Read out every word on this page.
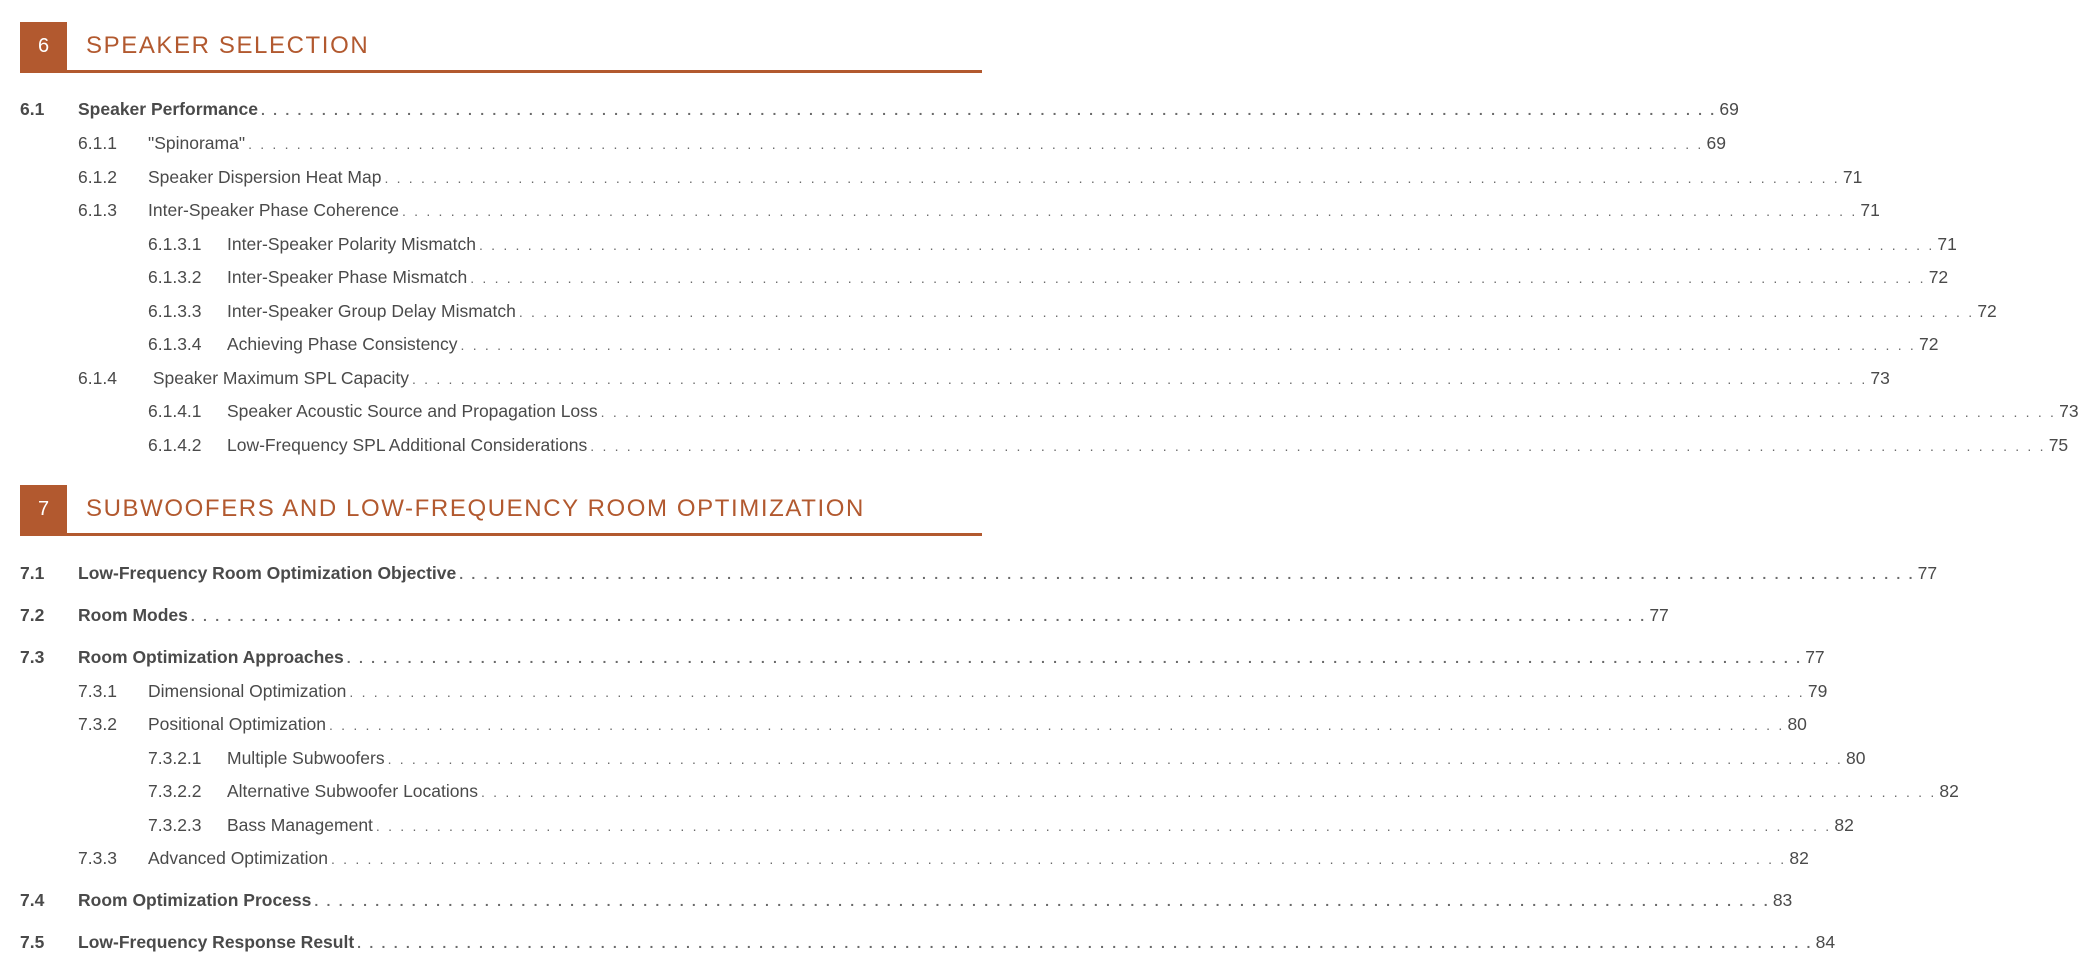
6	SPEAKER SELECTION
7	SUBWOOFERS AND LOW-FREQUENCY ROOM OPTIMIZATION
6.1	Speaker Performance . . . . . . . . . . . . . . . . . . . . . . . . . . . . . . . . . . . . . . . . . . . . . . . . . . . . . . . . . . . . . . . . . . . . . . . . . . . . . . . . . . . . . . . . . . . . . . . . . . . . . . . . . . . . . . . . . . . . . . . . 69
6.1.1	"Spinorama" . . . . . . . . . . . . . . . . . . . . . . . . . . . . . . . . . . . . . . . . . . . . . . . . . . . . . . . . . . . . . . . . . . . . . . . . . . . . . . . . . . . . . . . . . . . . . . . . . . . . . . . . . . . . . . . . . . . . . . . . 69
6.1.2	Speaker Dispersion Heat Map . . . . . . . . . . . . . . . . . . . . . . . . . . . . . . . . . . . . . . . . . . . . . . . . . . . . . . . . . . . . . . . . . . . . . . . . . . . . . . . . . . . . . . . . . . . . . . . . . . . . . . . . . . . . . . . . . . . . . . . . 71
6.1.3	Inter-Speaker Phase Coherence . . . . . . . . . . . . . . . . . . . . . . . . . . . . . . . . . . . . . . . . . . . . . . . . . . . . . . . . . . . . . . . . . . . . . . . . . . . . . . . . . . . . . . . . . . . . . . . . . . . . . . . . . . . . . . . . . . . . . . . . 71
6.1.3.1	Inter-Speaker Polarity Mismatch . . . . . . . . . . . . . . . . . . . . . . . . . . . . . . . . . . . . . . . . . . . . . . . . . . . . . . . . . . . . . . . . . . . . . . . . . . . . . . . . . . . . . . . . . . . . . . . . . . . . . . . . . . . . . . . . . . . . . . . . 71
6.1.3.2	Inter-Speaker Phase Mismatch . . . . . . . . . . . . . . . . . . . . . . . . . . . . . . . . . . . . . . . . . . . . . . . . . . . . . . . . . . . . . . . . . . . . . . . . . . . . . . . . . . . . . . . . . . . . . . . . . . . . . . . . . . . . . . . . . . . . . . . . 72
6.1.3.3	Inter-Speaker Group Delay Mismatch . . . . . . . . . . . . . . . . . . . . . . . . . . . . . . . . . . . . . . . . . . . . . . . . . . . . . . . . . . . . . . . . . . . . . . . . . . . . . . . . . . . . . . . . . . . . . . . . . . . . . . . . . . . . . . . . . . . . . . . . 72
6.1.3.4	Achieving Phase Consistency . . . . . . . . . . . . . . . . . . . . . . . . . . . . . . . . . . . . . . . . . . . . . . . . . . . . . . . . . . . . . . . . . . . . . . . . . . . . . . . . . . . . . . . . . . . . . . . . . . . . . . . . . . . . . . . . . . . . . . . . 72
6.1.4	Speaker Maximum SPL Capacity . . . . . . . . . . . . . . . . . . . . . . . . . . . . . . . . . . . . . . . . . . . . . . . . . . . . . . . . . . . . . . . . . . . . . . . . . . . . . . . . . . . . . . . . . . . . . . . . . . . . . . . . . . . . . . . . . . . . . . . . 73
6.1.4.1	Speaker Acoustic Source and Propagation Loss . . . . . . . . . . . . . . . . . . . . . . . . . . . . . . . . . . . . . . . . . . . . . . . . . . . . . . . . . . . . . . . . . . . . . . . . . . . . . . . . . . . . . . . . . . . . . . . . . . . . . . . . . . . . . . . . . . . . . . . . 73
6.1.4.2	Low-Frequency SPL Additional Considerations . . . . . . . . . . . . . . . . . . . . . . . . . . . . . . . . . . . . . . . . . . . . . . . . . . . . . . . . . . . . . . . . . . . . . . . . . . . . . . . . . . . . . . . . . . . . . . . . . . . . . . . . . . . . . . . . . . . . . . . . 75
7.1	Low-Frequency Room Optimization Objective . . . . . . . . . . . . . . . . . . . . . . . . . . . . . . . . . . . . . . . . . . . . . . . . . . . . . . . . . . . . . . . . . . . . . . . . . . . . . . . . . . . . . . . . . . . . . . . . . . . . . . . . . . . . . . . . . . . . . . . . 77
7.2	Room Modes . . . . . . . . . . . . . . . . . . . . . . . . . . . . . . . . . . . . . . . . . . . . . . . . . . . . . . . . . . . . . . . . . . . . . . . . . . . . . . . . . . . . . . . . . . . . . . . . . . . . . . . . . . . . . . . . . . . . . . . . 77
7.3	Room Optimization Approaches . . . . . . . . . . . . . . . . . . . . . . . . . . . . . . . . . . . . . . . . . . . . . . . . . . . . . . . . . . . . . . . . . . . . . . . . . . . . . . . . . . . . . . . . . . . . . . . . . . . . . . . . . . . . . . . . . . . . . . . . 77
7.3.1	Dimensional Optimization . . . . . . . . . . . . . . . . . . . . . . . . . . . . . . . . . . . . . . . . . . . . . . . . . . . . . . . . . . . . . . . . . . . . . . . . . . . . . . . . . . . . . . . . . . . . . . . . . . . . . . . . . . . . . . . . . . . . . . . . 79
7.3.2	Positional Optimization . . . . . . . . . . . . . . . . . . . . . . . . . . . . . . . . . . . . . . . . . . . . . . . . . . . . . . . . . . . . . . . . . . . . . . . . . . . . . . . . . . . . . . . . . . . . . . . . . . . . . . . . . . . . . . . . . . . . . . . . 80
7.3.2.1	Multiple Subwoofers . . . . . . . . . . . . . . . . . . . . . . . . . . . . . . . . . . . . . . . . . . . . . . . . . . . . . . . . . . . . . . . . . . . . . . . . . . . . . . . . . . . . . . . . . . . . . . . . . . . . . . . . . . . . . . . . . . . . . . . . 80
7.3.2.2	Alternative Subwoofer Locations . . . . . . . . . . . . . . . . . . . . . . . . . . . . . . . . . . . . . . . . . . . . . . . . . . . . . . . . . . . . . . . . . . . . . . . . . . . . . . . . . . . . . . . . . . . . . . . . . . . . . . . . . . . . . . . . . . . . . . . . 82
7.3.2.3	Bass Management . . . . . . . . . . . . . . . . . . . . . . . . . . . . . . . . . . . . . . . . . . . . . . . . . . . . . . . . . . . . . . . . . . . . . . . . . . . . . . . . . . . . . . . . . . . . . . . . . . . . . . . . . . . . . . . . . . . . . . . . 82
7.3.3	Advanced Optimization . . . . . . . . . . . . . . . . . . . . . . . . . . . . . . . . . . . . . . . . . . . . . . . . . . . . . . . . . . . . . . . . . . . . . . . . . . . . . . . . . . . . . . . . . . . . . . . . . . . . . . . . . . . . . . . . . . . . . . . . 82
7.4	Room Optimization Process . . . . . . . . . . . . . . . . . . . . . . . . . . . . . . . . . . . . . . . . . . . . . . . . . . . . . . . . . . . . . . . . . . . . . . . . . . . . . . . . . . . . . . . . . . . . . . . . . . . . . . . . . . . . . . . . . . . . . . . . 83
7.5	Low-Frequency Response Result . . . . . . . . . . . . . . . . . . . . . . . . . . . . . . . . . . . . . . . . . . . . . . . . . . . . . . . . . . . . . . . . . . . . . . . . . . . . . . . . . . . . . . . . . . . . . . . . . . . . . . . . . . . . . . . . . . . . . . . . 84
